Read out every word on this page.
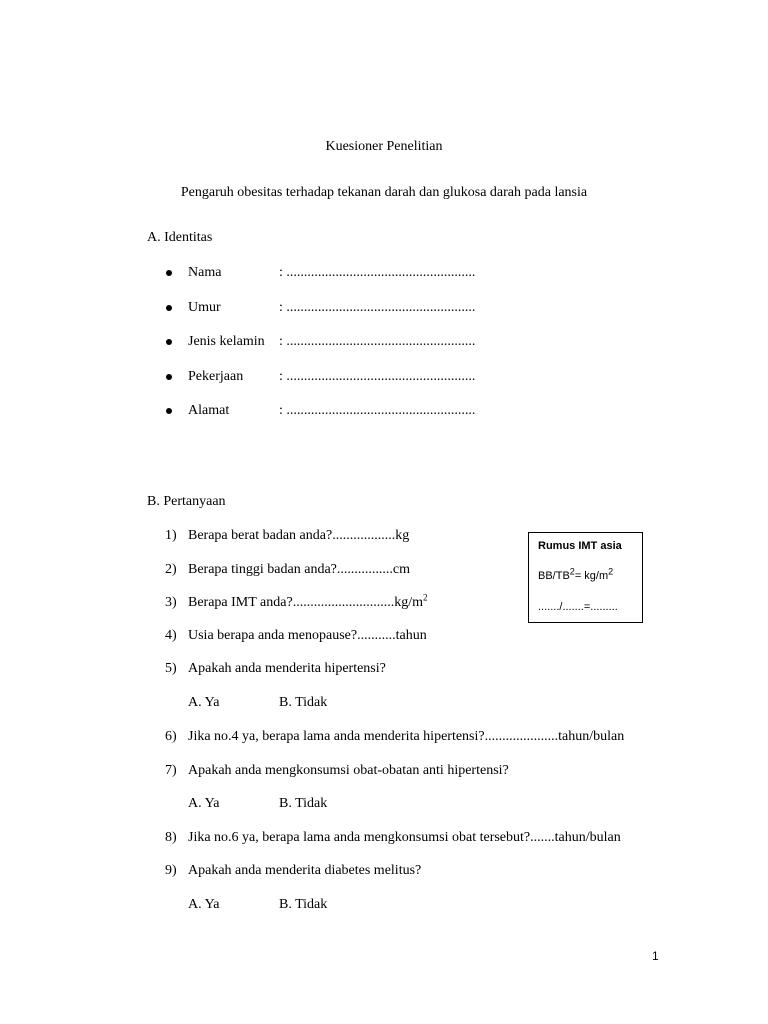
Kuesioner Penelitian
Pengaruh obesitas terhadap tekanan darah dan glukosa darah pada lansia
A. Identitas
Nama	: ......................................................
Umur	: ......................................................
Jenis kelamin : ......................................................
Pekerjaan	: ......................................................
Alamat	: ......................................................
B. Pertanyaan
1) Berapa berat badan anda?..................kg
2) Berapa tinggi badan anda?................cm
3) Berapa IMT $anda?.............................kg/m^2$
4) Usia berapa anda menopause?...........tahun
5) Apakah anda menderita hipertensi?
A. Ya	B. Tidak
6) Jika no.4 ya, berapa lama anda menderita hipertensi?.....................tahun/bulan
7) Apakah anda mengkonsumsi obat-obatan anti hipertensi?
A. Ya	B. Tidak
8) Jika no.6 ya, berapa lama anda mengkonsumsi obat tersebut?.......tahun/bulan
9) Apakah anda menderita diabetes melitus?
A. Ya	B. Tidak
Rumus IMT asia
$BB/TB^2= kg/m^2$
......./.......=.........
1
